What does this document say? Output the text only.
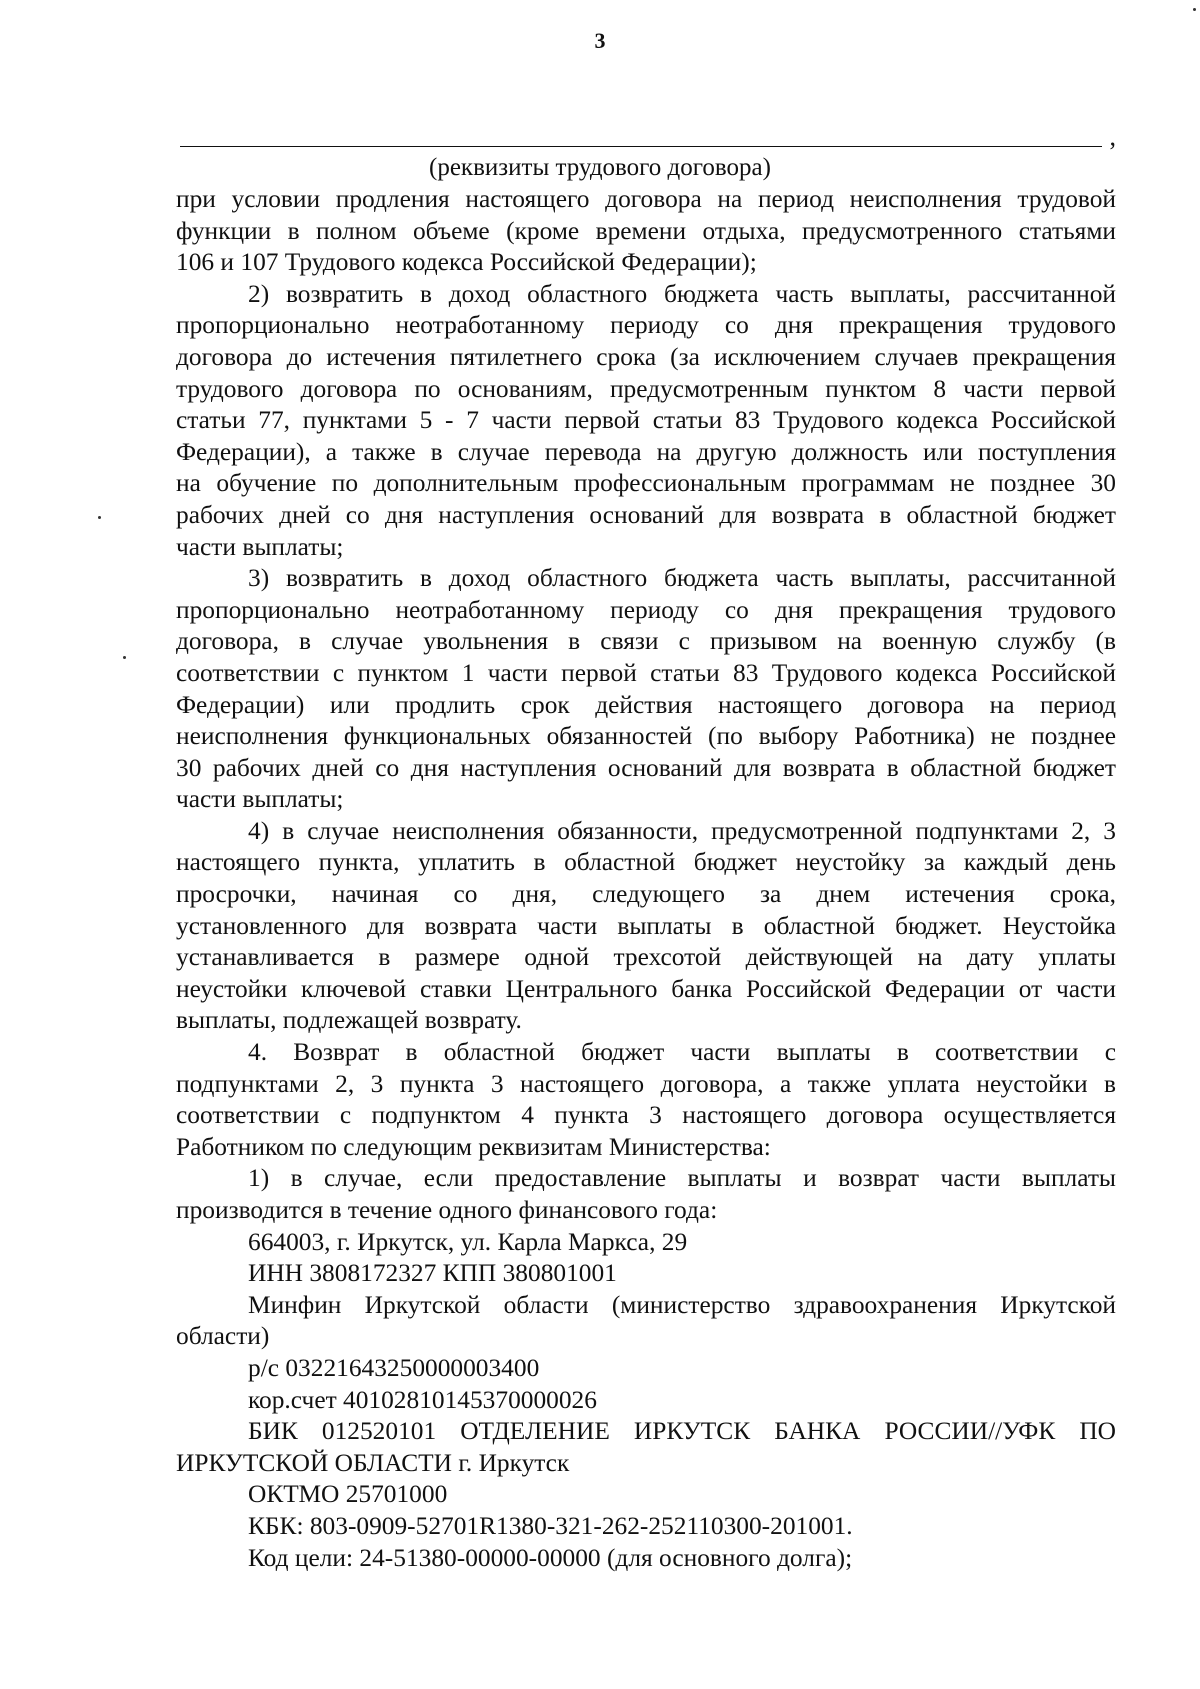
3
,
(реквизиты трудового договора)
при условии продления настоящего договора на период неисполнения трудовой
функции в полном объеме (кроме времени отдыха, предусмотренного статьями
106 и 107 Трудового кодекса Российской Федерации);
2) возвратить в доход областного бюджета часть выплаты, рассчитанной
пропорционально неотработанному периоду со дня прекращения трудового
договора до истечения пятилетнего срока (за исключением случаев прекращения
трудового договора по основаниям, предусмотренным пунктом 8 части первой
статьи 77, пунктами 5 - 7 части первой статьи 83 Трудового кодекса Российской
Федерации), а также в случае перевода на другую должность или поступления
на обучение по дополнительным профессиональным программам не позднее 30
рабочих дней со дня наступления оснований для возврата в областной бюджет
части выплаты;
3) возвратить в доход областного бюджета часть выплаты, рассчитанной
пропорционально неотработанному периоду со дня прекращения трудового
договора, в случае увольнения в связи с призывом на военную службу (в
соответствии с пунктом 1 части первой статьи 83 Трудового кодекса Российской
Федерации) или продлить срок действия настоящего договора на период
неисполнения функциональных обязанностей (по выбору Работника) не позднее
30 рабочих дней со дня наступления оснований для возврата в областной бюджет
части выплаты;
4) в случае неисполнения обязанности, предусмотренной подпунктами 2, 3
настоящего пункта, уплатить в областной бюджет неустойку за каждый день
просрочки, начиная со дня, следующего за днем истечения срока,
установленного для возврата части выплаты в областной бюджет. Неустойка
устанавливается в размере одной трехсотой действующей на дату уплаты
неустойки ключевой ставки Центрального банка Российской Федерации от части
выплаты, подлежащей возврату.
4. Возврат в областной бюджет части выплаты в соответствии с
подпунктами 2, 3 пункта 3 настоящего договора, а также уплата неустойки в
соответствии с подпунктом 4 пункта 3 настоящего договора осуществляется
Работником по следующим реквизитам Министерства:
1) в случае, если предоставление выплаты и возврат части выплаты
производится в течение одного финансового года:
664003, г. Иркутск, ул. Карла Маркса, 29
ИНН 3808172327 КПП 380801001
Минфин Иркутской области (министерство здравоохранения Иркутской
области)
р/с 03221643250000003400
кор.счет 40102810145370000026
БИК 012520101 ОТДЕЛЕНИЕ ИРКУТСК БАНКА РОССИИ//УФК ПО
ИРКУТСКОЙ ОБЛАСТИ г. Иркутск
ОКТМО 25701000
КБК: 803-0909-52701R1380-321-262-252110300-201001.
Код цели: 24-51380-00000-00000 (для основного долга);
